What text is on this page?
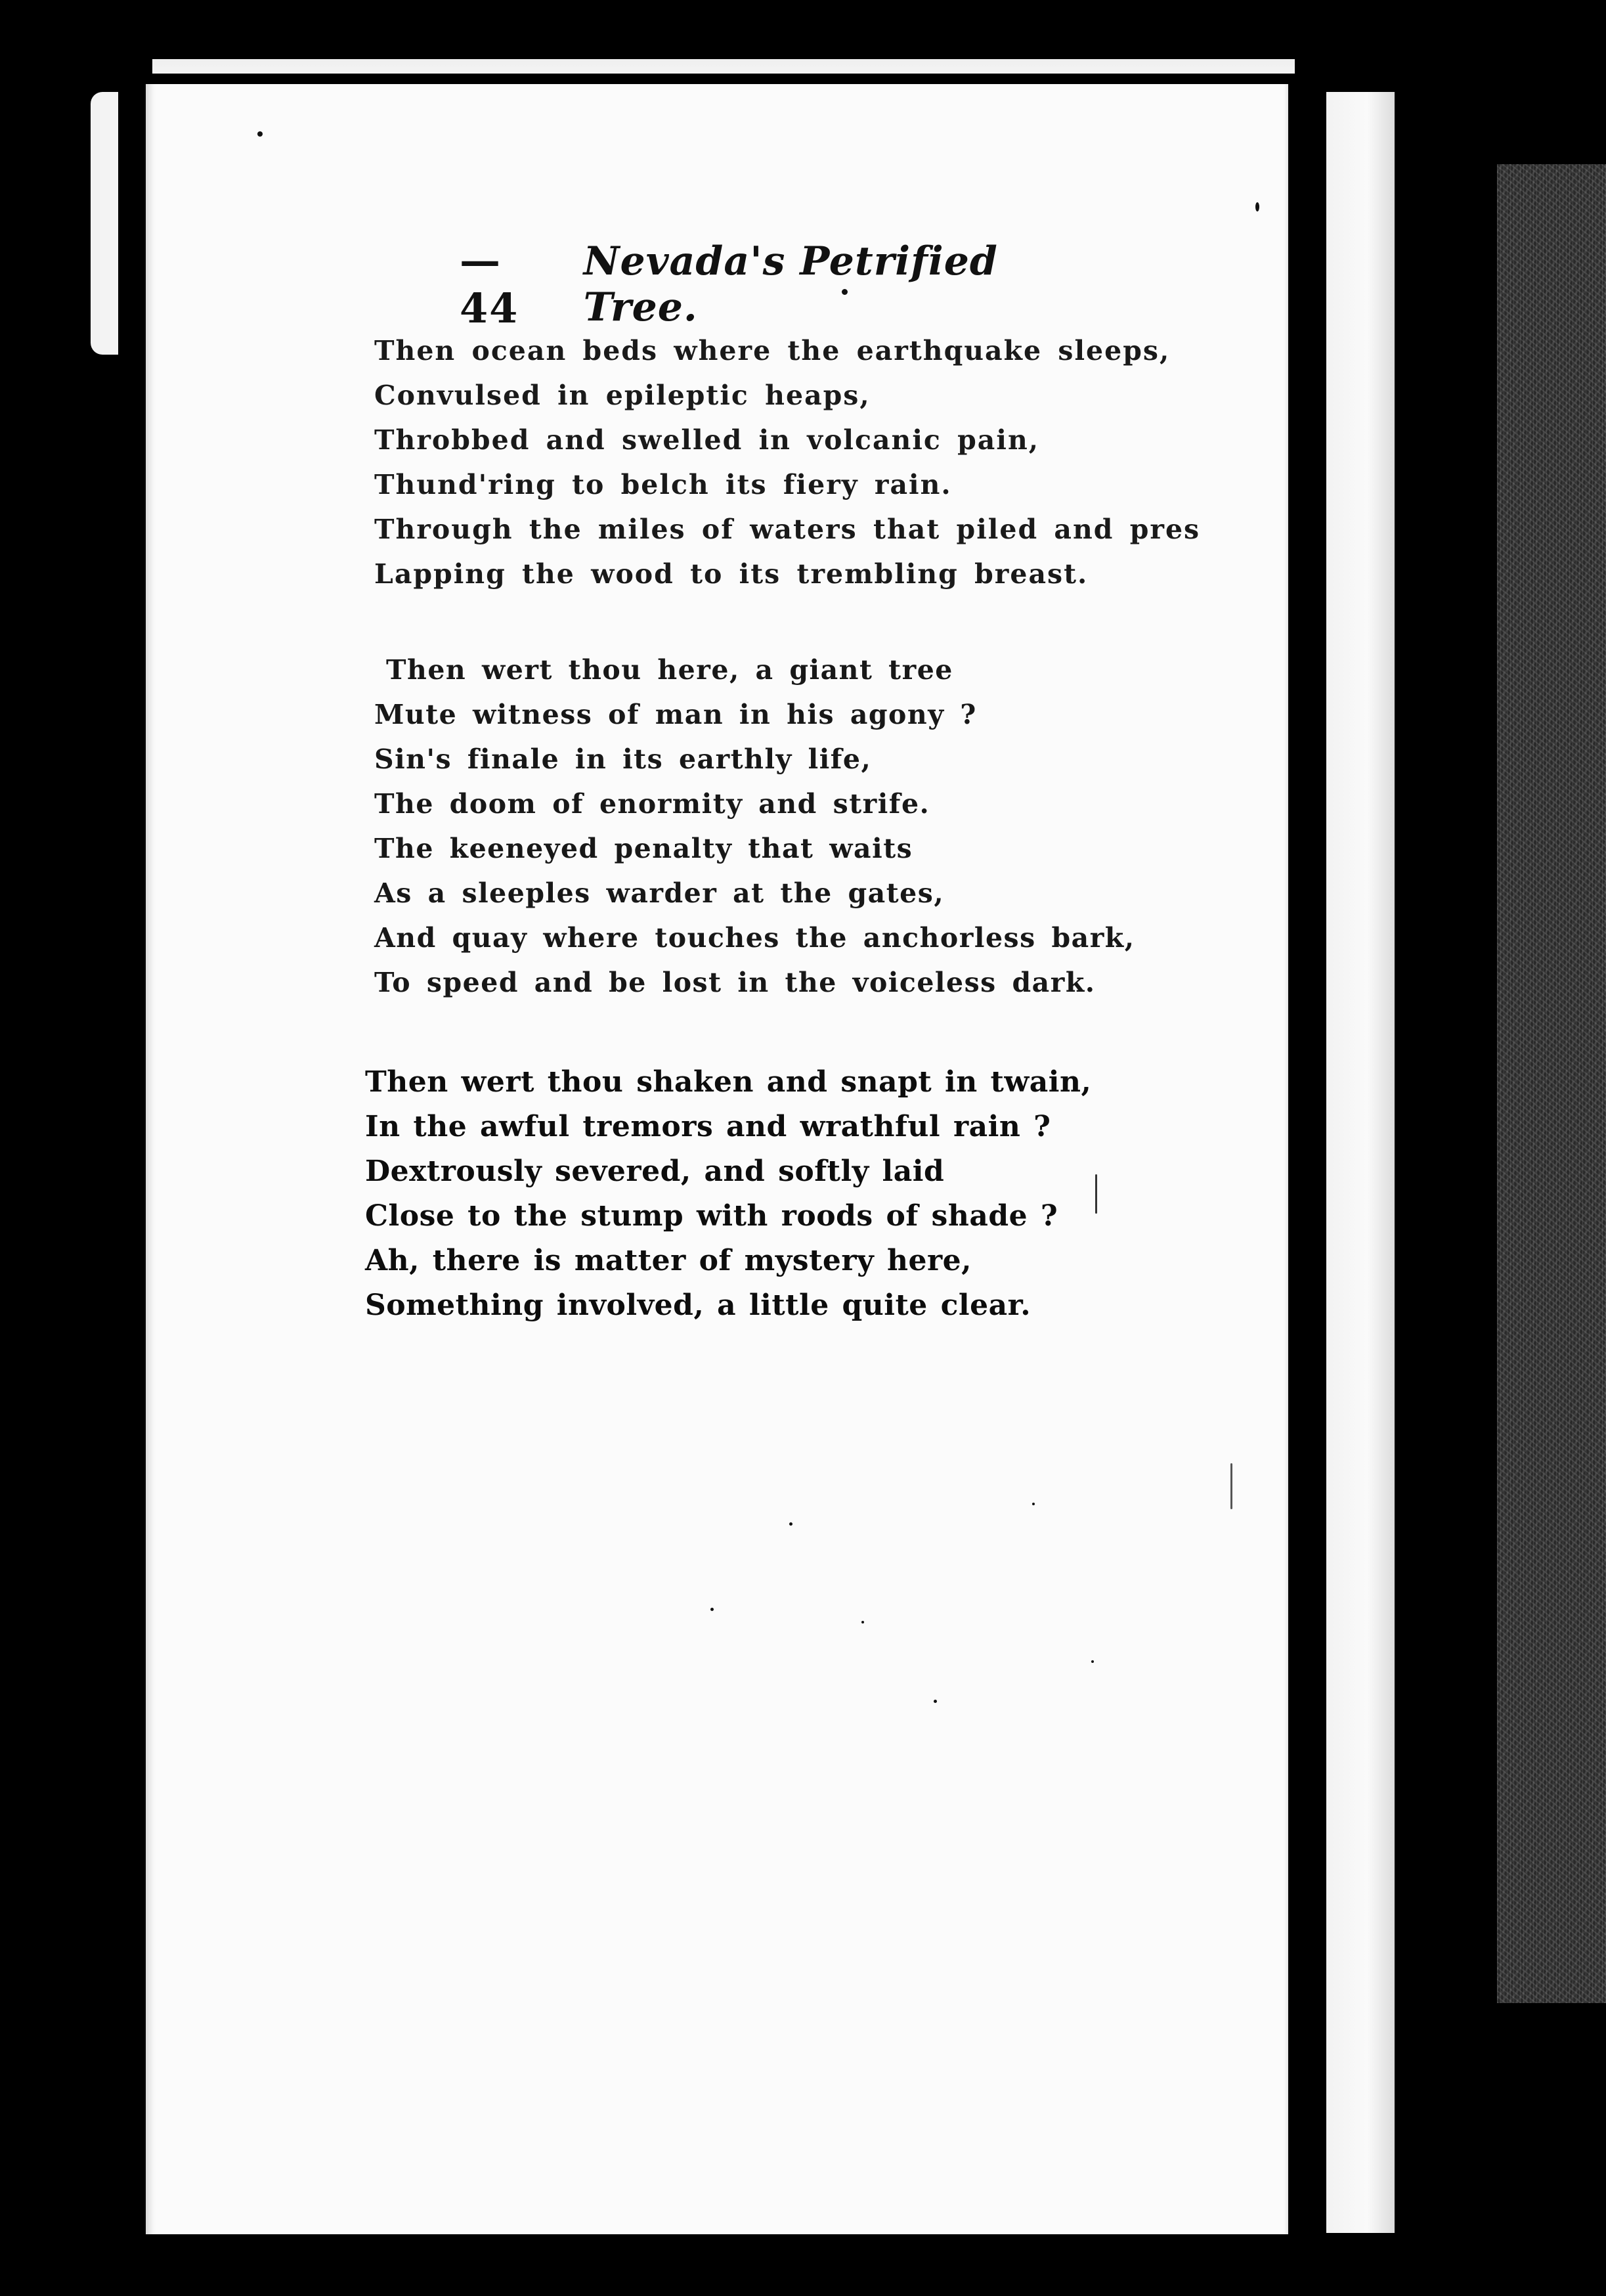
—44
Nevada's Petrified Tree.
Then ocean beds where the earthquake sleeps,
Convulsed in epileptic heaps,
Throbbed and swelled in volcanic pain,
Thund'ring to belch its fiery rain.
Through the miles of waters that piled and pres
Lapping the wood to its trembling breast.
Then wert thou here, a giant tree
Mute witness of man in his agony ?
Sin's finale in its earthly life,
The doom of enormity and strife.
The keeneyed penalty that waits
As a sleeples warder at the gates,
And quay where touches the anchorless bark,
To speed and be lost in the voiceless dark.
Then wert thou shaken and snapt in twain,
In the awful tremors and wrathful rain ?
Dextrously severed, and softly laid
Close to the stump with roods of shade ?
Ah, there is matter of mystery here,
Something involved, a little quite clear.
